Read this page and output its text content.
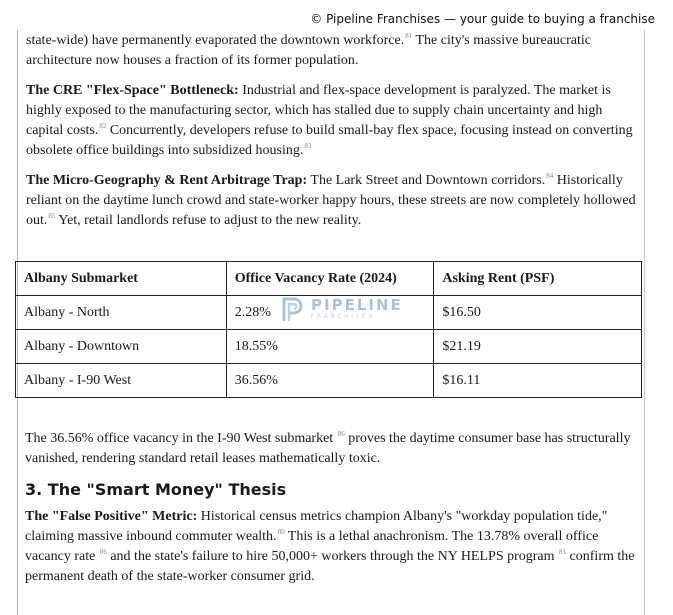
© Pipeline Franchises — your guide to buying a franchise

state-wide) have permanently evaporated the downtown workforce.$^{81}$ The city's massive bureaucratic architecture now houses a fraction of its former population.

The CRE "Flex-Space" Bottleneck: Industrial and flex-space development is paralyzed. The market is highly exposed to the manufacturing sector, which has stalled due to supply chain uncertainty and high capital costs.$^{82}$ Concurrently, developers refuse to build small-bay flex space, focusing instead on converting obsolete office buildings into subsidized housing.$^{83}$

The Micro-Geography & Rent Arbitrage Trap: The Lark Street and Downtown corridors.$^{84}$ Historically reliant on the daytime lunch crowd and state-worker happy hours, these streets are now completely hollowed out.$^{85}$ Yet, retail landlords refuse to adjust to the new reality.

Albany Submarket	Office Vacancy Rate (2024)	Asking Rent (PSF)
Albany - North	2.28%	$16.50
Albany - Downtown	18.55%	$21.19
Albany - I-90 West	36.56%	$16.11
PIPELINE
FRANCHISES

The 36.56% office vacancy in the I-90 West submarket $^{86}$ proves the daytime consumer base has structurally vanished, rendering standard retail leases mathematically toxic.

3. The "Smart Money" Thesis

The "False Positive" Metric: Historical census metrics champion Albany's "workday population tide," claiming massive inbound commuter wealth.$^{80}$ This is a lethal anachronism. The 13.78% overall office vacancy rate $^{86}$ and the state's failure to hire 50,000+ workers through the NY HELPS program $^{81}$ confirm the permanent death of the state-worker consumer grid.
